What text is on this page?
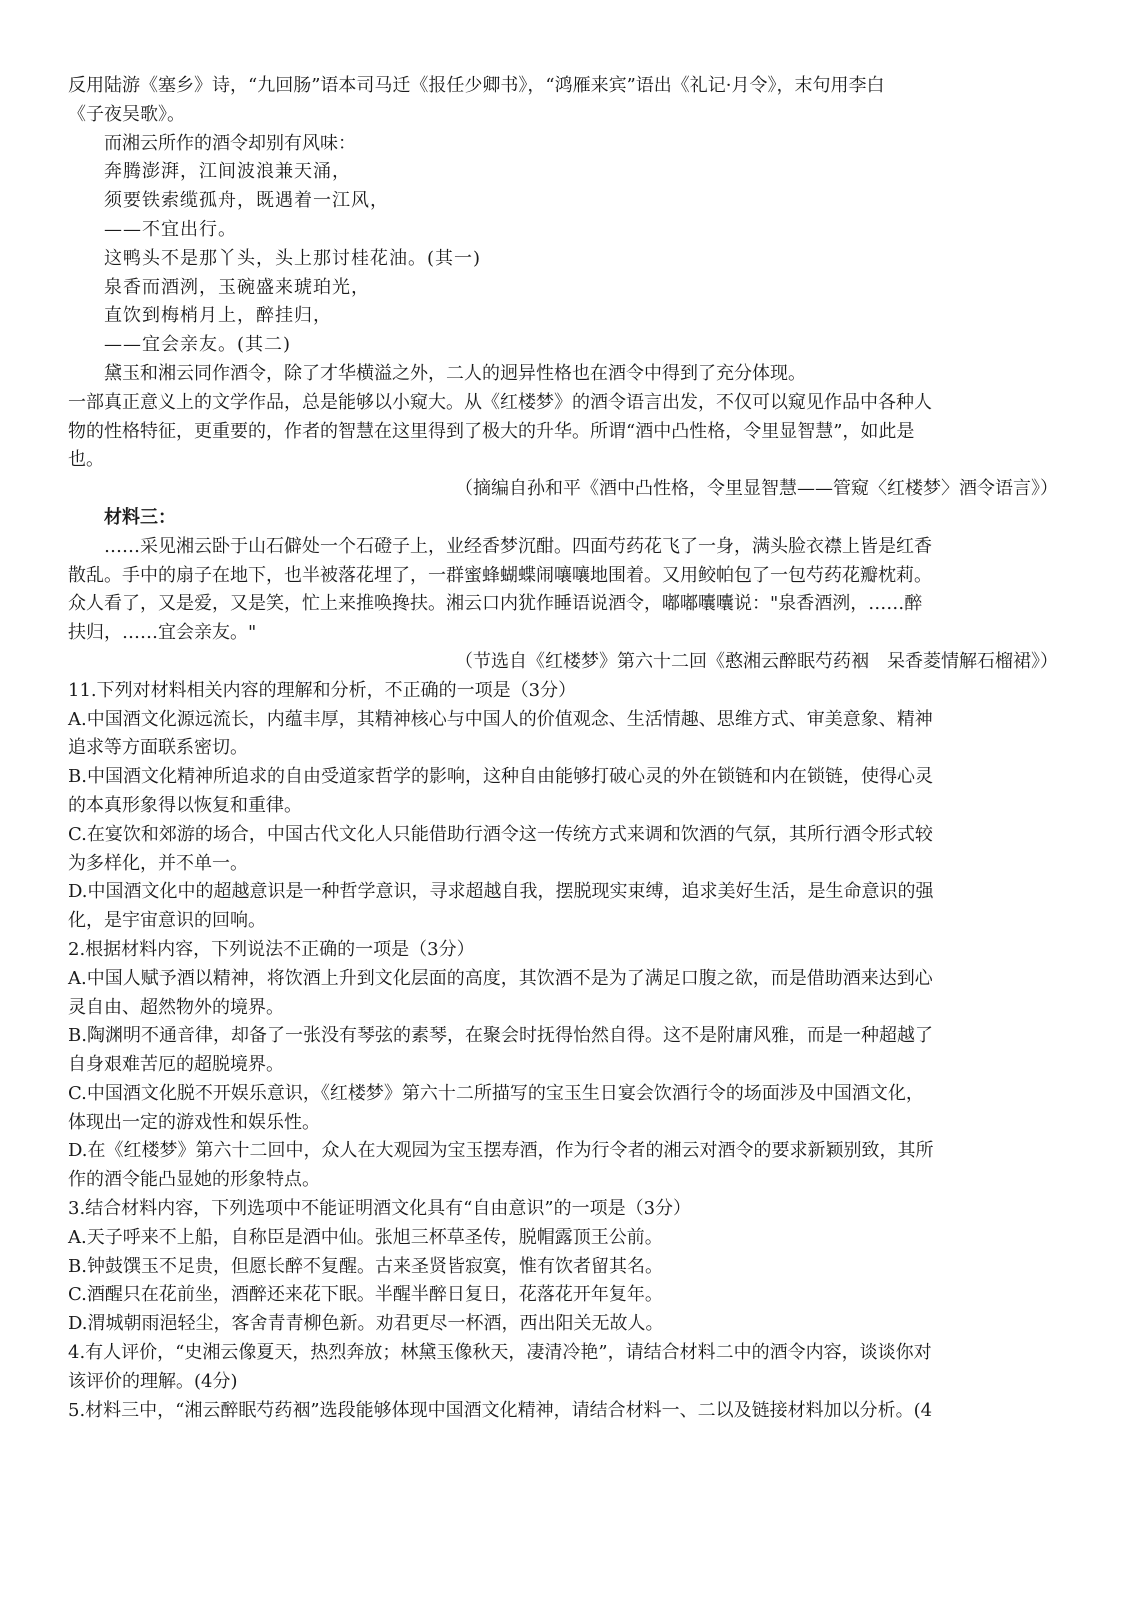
反用陆游《塞乡》诗，“九回肠”语本司马迁《报任少卿书》，“鸿雁来宾”语出《礼记·月令》，末句用李白
《子夜吴歌》。
而湘云所作的酒令却别有风味：
奔腾澎湃，江间波浪兼天涌，
须要铁索缆孤舟，既遇着一江风，
——不宜出行。
这鸭头不是那丫头，头上那讨桂花油。(其一)
泉香而酒洌，玉碗盛来琥珀光，
直饮到梅梢月上，醉挂归，
——宜会亲友。(其二)
黛玉和湘云同作酒令，除了才华横溢之外，二人的迥异性格也在酒令中得到了充分体现。
一部真正意义上的文学作品，总是能够以小窥大。从《红楼梦》的酒令语言出发，不仅可以窥见作品中各种人
物的性格特征，更重要的，作者的智慧在这里得到了极大的升华。所谓“酒中凸性格，令里显智慧”，如此是
也。
（摘编自孙和平《酒中凸性格，令里显智慧——管窥〈红楼梦〉酒令语言》）
材料三：
……采见湘云卧于山石僻处一个石磴子上，业经香梦沉酣。四面芍药花飞了一身，满头脸衣襟上皆是红香
散乱。手中的扇子在地下，也半被落花埋了，一群蜜蜂蝴蝶闹嚷嚷地围着。又用鲛帕包了一包芍药花瓣枕莉。
众人看了，又是爱，又是笑，忙上来推唤搀扶。湘云口内犹作睡语说酒令，嘟嘟囔囔说："泉香酒洌，……醉
扶归，……宜会亲友。"
（节选自《红楼梦》第六十二回《憨湘云醉眠芍药裀　呆香菱情解石榴裙》）
11.下列对材料相关内容的理解和分析，不正确的一项是（3分）
A.中国酒文化源远流长，内蕴丰厚，其精神核心与中国人的价值观念、生活情趣、思维方式、审美意象、精神
追求等方面联系密切。
B.中国酒文化精神所追求的自由受道家哲学的影响，这种自由能够打破心灵的外在锁链和内在锁链，使得心灵
的本真形象得以恢复和重律。
C.在宴饮和郊游的场合，中国古代文化人只能借助行酒令这一传统方式来调和饮酒的气氛，其所行酒令形式较
为多样化，并不单一。
D.中国酒文化中的超越意识是一种哲学意识，寻求超越自我，摆脱现实束缚，追求美好生活，是生命意识的强
化，是宇宙意识的回响。
2.根据材料内容，下列说法不正确的一项是（3分）
A.中国人赋予酒以精神，将饮酒上升到文化层面的高度，其饮酒不是为了满足口腹之欲，而是借助酒来达到心
灵自由、超然物外的境界。
B.陶渊明不通音律，却备了一张没有琴弦的素琴，在聚会时抚得怡然自得。这不是附庸风雅，而是一种超越了
自身艰难苦厄的超脱境界。
C.中国酒文化脱不开娱乐意识，《红楼梦》第六十二所描写的宝玉生日宴会饮酒行令的场面涉及中国酒文化，
体现出一定的游戏性和娱乐性。
D.在《红楼梦》第六十二回中，众人在大观园为宝玉摆寿酒，作为行令者的湘云对酒令的要求新颖别致，其所
作的酒令能凸显她的形象特点。
3.结合材料内容，下列选项中不能证明酒文化具有“自由意识”的一项是（3分）
A.天子呼来不上船，自称臣是酒中仙。张旭三杯草圣传，脱帽露顶王公前。
B.钟鼓馔玉不足贵，但愿长醉不复醒。古来圣贤皆寂寞，惟有饮者留其名。
C.酒醒只在花前坐，酒醉还来花下眠。半醒半醉日复日，花落花开年复年。
D.渭城朝雨浥轻尘，客舍青青柳色新。劝君更尽一杯酒，西出阳关无故人。
4.有人评价，“史湘云像夏天，热烈奔放；林黛玉像秋天，凄清冷艳”，请结合材料二中的酒令内容，谈谈你对
该评价的理解。(4分)
5.材料三中，“湘云醉眠芍药裀”选段能够体现中国酒文化精神，请结合材料一、二以及链接材料加以分析。(4
